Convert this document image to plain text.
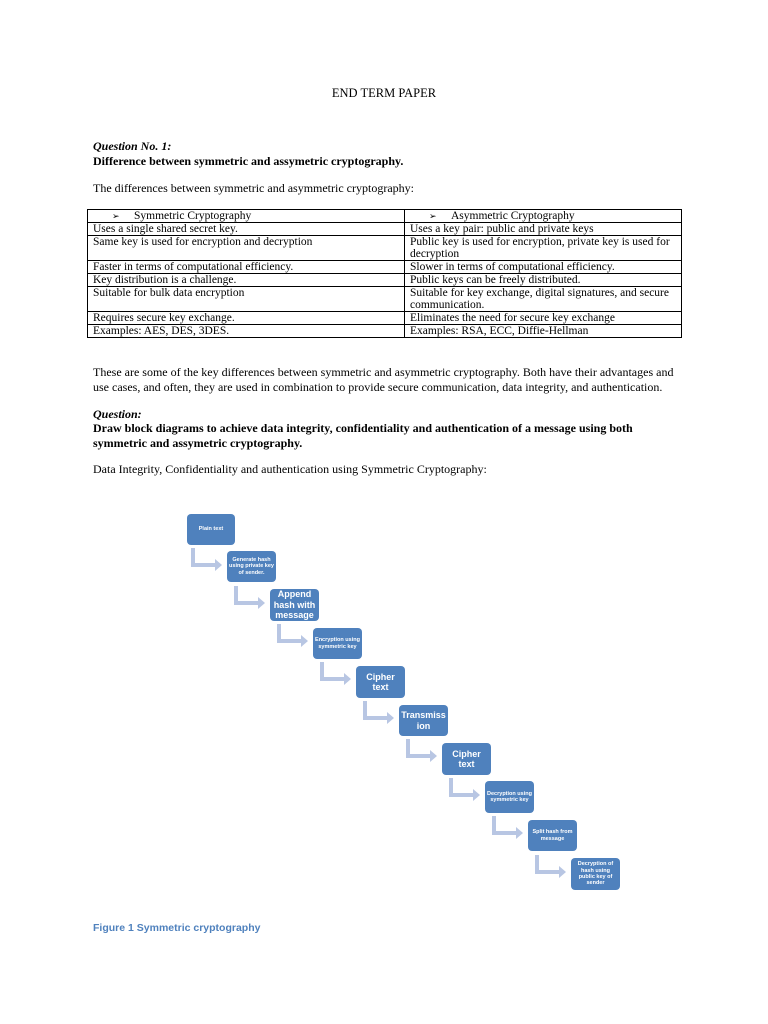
END TERM PAPER
Question No. 1:
Difference between symmetric and assymetric cryptography.
The differences between symmetric and asymmetric cryptography:
➢ Symmetric Cryptography	➢ Asymmetric Cryptography
Uses a single shared secret key.	Uses a key pair: public and private keys
Same key is used for encryption and decryption	Public key is used for encryption, private key is used for decryption
Faster in terms of computational efficiency.	Slower in terms of computational efficiency.
Key distribution is a challenge.	Public keys can be freely distributed.
Suitable for bulk data encryption	Suitable for key exchange, digital signatures, and secure communication.
Requires secure key exchange.	Eliminates the need for secure key exchange
Examples: AES, DES, 3DES.	Examples: RSA, ECC, Diffie-Hellman
These are some of the key differences between symmetric and asymmetric cryptography. Both have their advantages and use cases, and often, they are used in combination to provide secure communication, data integrity, and authentication.
Question:
Draw block diagrams to achieve data integrity, confidentiality and authentication of a message using both symmetric and assymetric cryptography.
Data Integrity, Confidentiality and authentication using Symmetric Cryptography:
Plain text
Generate hash using private key of sender.
Append hash with message
Encryption using symmetric key
Cipher text
Transmission
Cipher text
Decryption using symmetric key
Split hash from message
Decryption of hash using public key of sender
Figure 1 Symmetric cryptography
